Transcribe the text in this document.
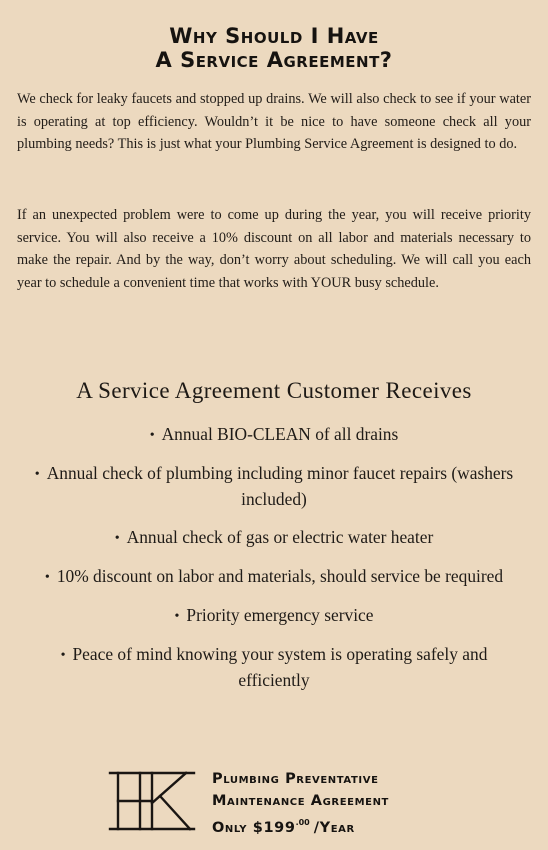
Why Should I Have
A Service Agreement?

We check for leaky faucets and stopped up drains. We will also check to see if your water is operating at top efficiency. Wouldn’t it be nice to have someone check all your plumbing needs? This is just what your Plumbing Service Agreement is designed to do.

If an unexpected problem were to come up during the year, you will receive priority service. You will also receive a 10% discount on all labor and materials necessary to make the repair. And by the way, don’t worry about scheduling. We will call you each year to schedule a convenient time that works with YOUR busy schedule.

A Service Agreement Customer Receives
• Annual BIO-CLEAN of all drains
• Annual check of plumbing including minor faucet repairs (washers included)
• Annual check of gas or electric water heater
• 10% discount on labor and materials, should service be required
• Priority emergency service
• Peace of mind knowing your system is operating safely and efficiently
Plumbing Preventative
Maintenance Agreement
Only $\$199^{.00}$ /Year
